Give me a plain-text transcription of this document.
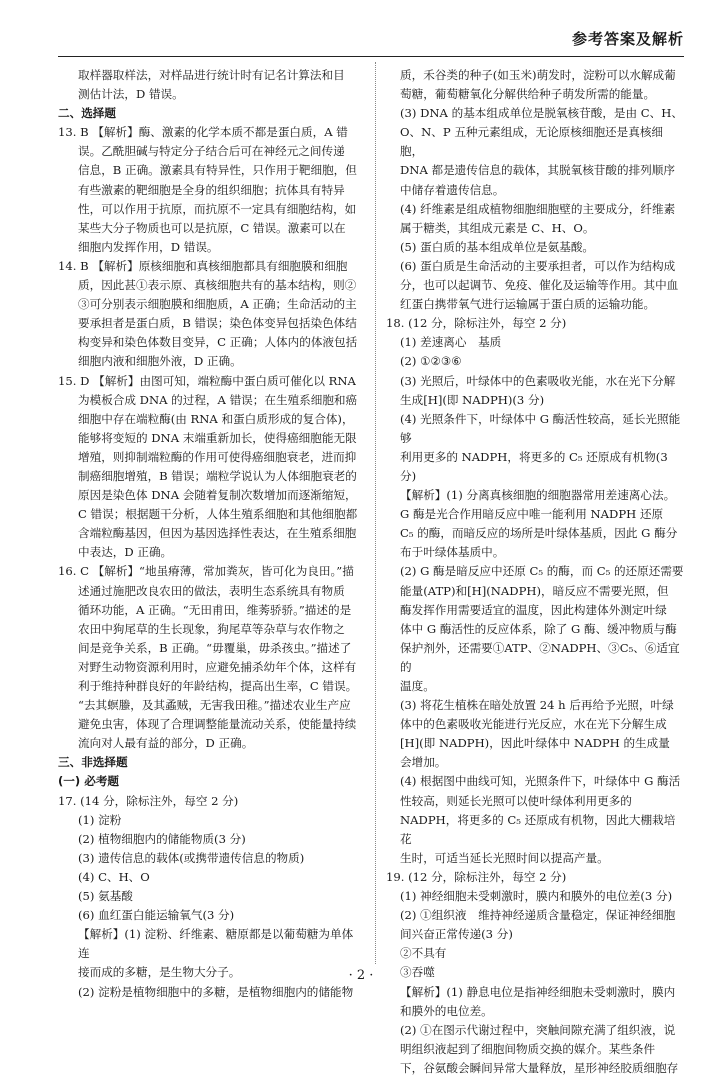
参考答案及解析
取样器取样法，对样品进行统计时有记名计算法和目
测估计法，D 错误。
二、选择题
13. B 【解析】酶、激素的化学本质不都是蛋白质，A 错
误。乙酰胆碱与特定分子结合后可在神经元之间传递
信息，B 正确。激素具有特异性，只作用于靶细胞，但
有些激素的靶细胞是全身的组织细胞；抗体具有特异
性，可以作用于抗原，而抗原不一定具有细胞结构，如
某些大分子物质也可以是抗原，C 错误。激素可以在
细胞内发挥作用，D 错误。
14. B 【解析】原核细胞和真核细胞都具有细胞膜和细胞
质，因此甚①表示原、真核细胞共有的基本结构，则②
③可分别表示细胞膜和细胞质，A 正确；生命活动的主
要承担者是蛋白质，B 错误；染色体变异包括染色体结
构变异和染色体数目变异，C 正确；人体内的体液包括
细胞内液和细胞外液，D 正确。
15. D 【解析】由图可知，端粒酶中蛋白质可催化以 RNA
为模板合成 DNA 的过程，A 错误；在生殖系细胞和癌
细胞中存在端粒酶(由 RNA 和蛋白质形成的复合体)，
能够将变短的 DNA 末端重新加长，使得癌细胞能无限
增殖，则抑制端粒酶的作用可使得癌细胞衰老，进而抑
制癌细胞增殖，B 错误；端粒学说认为人体细胞衰老的
原因是染色体 DNA 会随着复制次数增加而逐渐缩短，
C 错误；根据题干分析，人体生殖系细胞和其他细胞都
含端粒酶基因，但因为基因选择性表达，在生殖系细胞
中表达，D 正确。
16. C 【解析】“地虽瘠薄，常加粪灰，皆可化为良田。”描
述通过施肥改良农田的做法，表明生态系统具有物质
循环功能，A 正确。“无田甫田，维莠骄骄。”描述的是
农田中狗尾草的生长现象，狗尾草等杂草与农作物之
间是竞争关系，B 正确。“毋覆巢，毋杀孩虫。”描述了
对野生动物资源利用时，应避免捕杀幼年个体，这样有
利于维持种群良好的年龄结构，提高出生率，C 错误。
“去其螟螣，及其蟊贼，无害我田稚。”描述农业生产应
避免虫害，体现了合理调整能量流动关系，使能量持续
流向对人最有益的部分，D 正确。
三、非选择题
(一) 必考题
17. (14 分，除标注外，每空 2 分)
(1) 淀粉
(2) 植物细胞内的储能物质(3 分)
(3) 遗传信息的载体(或携带遗传信息的物质)
(4) C、H、O
(5) 氨基酸
(6) 血红蛋白能运输氧气(3 分)
【解析】(1) 淀粉、纤维素、糖原都是以葡萄糖为单体连
接而成的多糖，是生物大分子。
(2) 淀粉是植物细胞中的多糖，是植物细胞内的储能物
质，禾谷类的种子(如玉米)萌发时，淀粉可以水解成葡
萄糖，葡萄糖氧化分解供给种子萌发所需的能量。
(3) DNA 的基本组成单位是脱氧核苷酸，是由 C、H、
O、N、P 五种元素组成，无论原核细胞还是真核细胞，
DNA 都是遗传信息的载体，其脱氧核苷酸的排列顺序
中储存着遗传信息。
(4) 纤维素是组成植物细胞细胞壁的主要成分，纤维素
属于糖类，其组成元素是 C、H、O。
(5) 蛋白质的基本组成单位是氨基酸。
(6) 蛋白质是生命活动的主要承担者，可以作为结构成
分，也可以起调节、免疫、催化及运输等作用。其中血
红蛋白携带氧气进行运输属于蛋白质的运输功能。
18. (12 分，除标注外，每空 2 分)
(1) 差速离心　基质
(2) ①②③⑥
(3) 光照后，叶绿体中的色素吸收光能，水在光下分解
生成[H](即 NADPH)(3 分)
(4) 光照条件下，叶绿体中 G 酶活性较高，延长光照能够
利用更多的 NADPH，将更多的 C₅ 还原成有机物(3 分)
【解析】(1) 分离真核细胞的细胞器常用差速离心法。
G 酶是光合作用暗反应中唯一能利用 NADPH 还原
C₅ 的酶，而暗反应的场所是叶绿体基质，因此 G 酶分
布于叶绿体基质中。
(2) G 酶是暗反应中还原 C₅ 的酶，而 C₅ 的还原还需要
能量(ATP)和[H](NADPH)，暗反应不需要光照，但
酶发挥作用需要适宜的温度，因此构建体外测定叶绿
体中 G 酶活性的反应体系，除了 G 酶、缓冲物质与酶
保护剂外，还需要①ATP、②NADPH、③C₅、⑥适宜的
温度。
(3) 将花生植株在暗处放置 24 h 后再给予光照，叶绿
体中的色素吸收光能进行光反应，水在光下分解生成
[H](即 NADPH)，因此叶绿体中 NADPH 的生成量
会增加。
(4) 根据图中曲线可知，光照条件下，叶绿体中 G 酶活
性较高，则延长光照可以使叶绿体利用更多的
NADPH，将更多的 C₅ 还原成有机物，因此大棚栽培花
生时，可适当延长光照时间以提高产量。
19. (12 分，除标注外，每空 2 分)
(1) 神经细胞未受刺激时，膜内和膜外的电位差(3 分)
(2) ①组织液　维持神经递质含量稳定，保证神经细胞
间兴奋正常传递(3 分)
②不具有
③吞噬
【解析】(1) 静息电位是指神经细胞未受刺激时，膜内
和膜外的电位差。
(2) ①在图示代谢过程中，突触间隙充满了组织液，说
明组织液起到了细胞间物质交换的媒介。某些条件
下，谷氨酸会瞬间异常大量释放，星形神经胶质细胞存
· 2 ·
